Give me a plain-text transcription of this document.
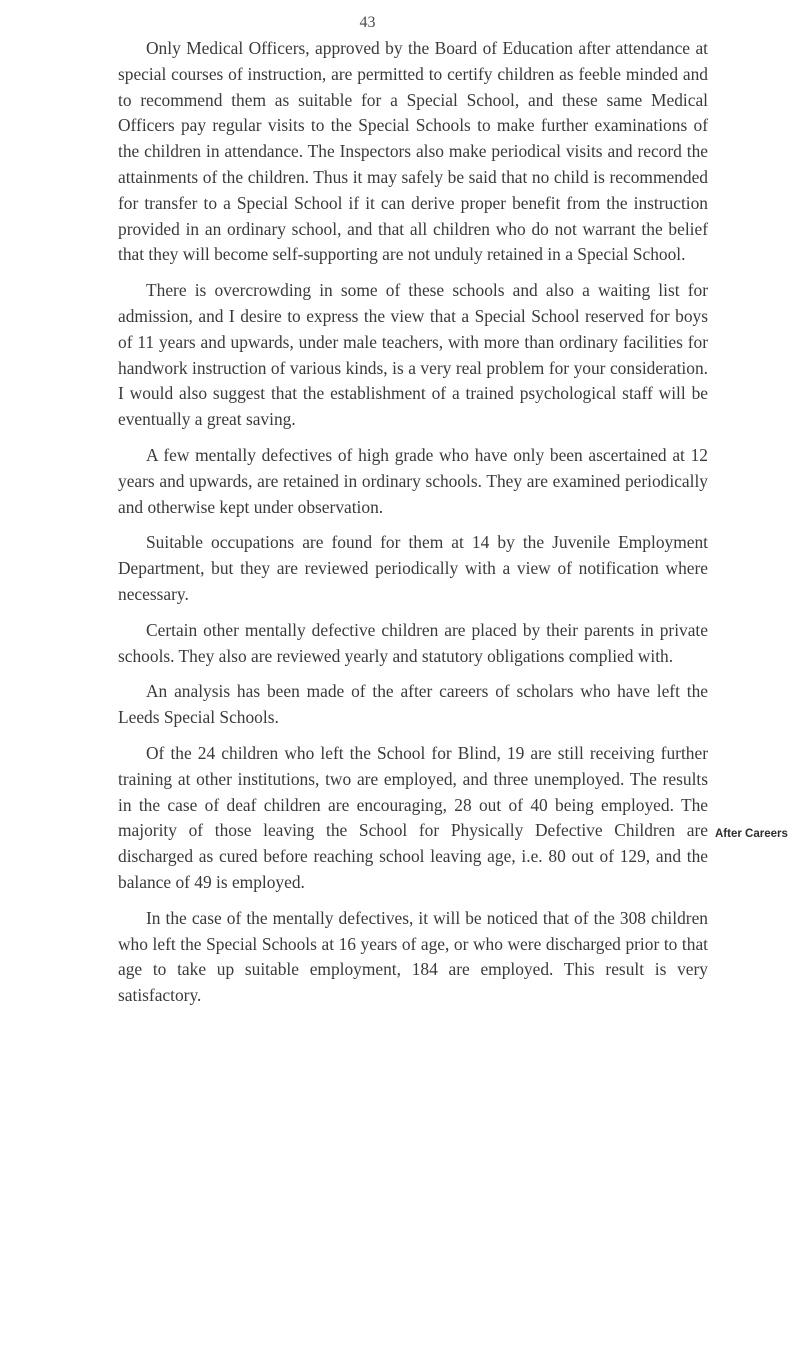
43

Only Medical Officers, approved by the Board of Education after attendance at special courses of instruction, are permitted to certify children as feeble minded and to recommend them as suitable for a Special School, and these same Medical Officers pay regular visits to the Special Schools to make further examinations of the children in attendance. The Inspectors also make periodical visits and record the attainments of the children. Thus it may safely be said that no child is recommended for transfer to a Special School if it can derive proper benefit from the instruction provided in an ordinary school, and that all children who do not warrant the belief that they will become self-supporting are not unduly retained in a Special School.

There is overcrowding in some of these schools and also a waiting list for admission, and I desire to express the view that a Special School reserved for boys of 11 years and upwards, under male teachers, with more than ordinary facilities for handwork instruction of various kinds, is a very real problem for your consideration. I would also suggest that the establishment of a trained psychological staff will be eventually a great saving.

A few mentally defectives of high grade who have only been ascertained at 12 years and upwards, are retained in ordinary schools. They are examined periodically and otherwise kept under observation.

Suitable occupations are found for them at 14 by the Juvenile Employment Department, but they are reviewed periodically with a view of notification where necessary.

Certain other mentally defective children are placed by their parents in private schools. They also are reviewed yearly and statutory obligations complied with.

An analysis has been made of the after careers of scholars who have left the Leeds Special Schools.

Of the 24 children who left the School for Blind, 19 are still receiving further training at other institutions, two are employed, and three unemployed. The results in the case of deaf children are encouraging, 28 out of 40 being employed. The majority of those leaving the School for Physically Defective Children are discharged as cured before reaching school leaving age, i.e. 80 out of 129, and the balance of 49 is employed.

In the case of the mentally defectives, it will be noticed that of the 308 children who left the Special Schools at 16 years of age, or who were discharged prior to that age to take up suitable employment, 184 are employed. This result is very satisfactory.

After Careers
